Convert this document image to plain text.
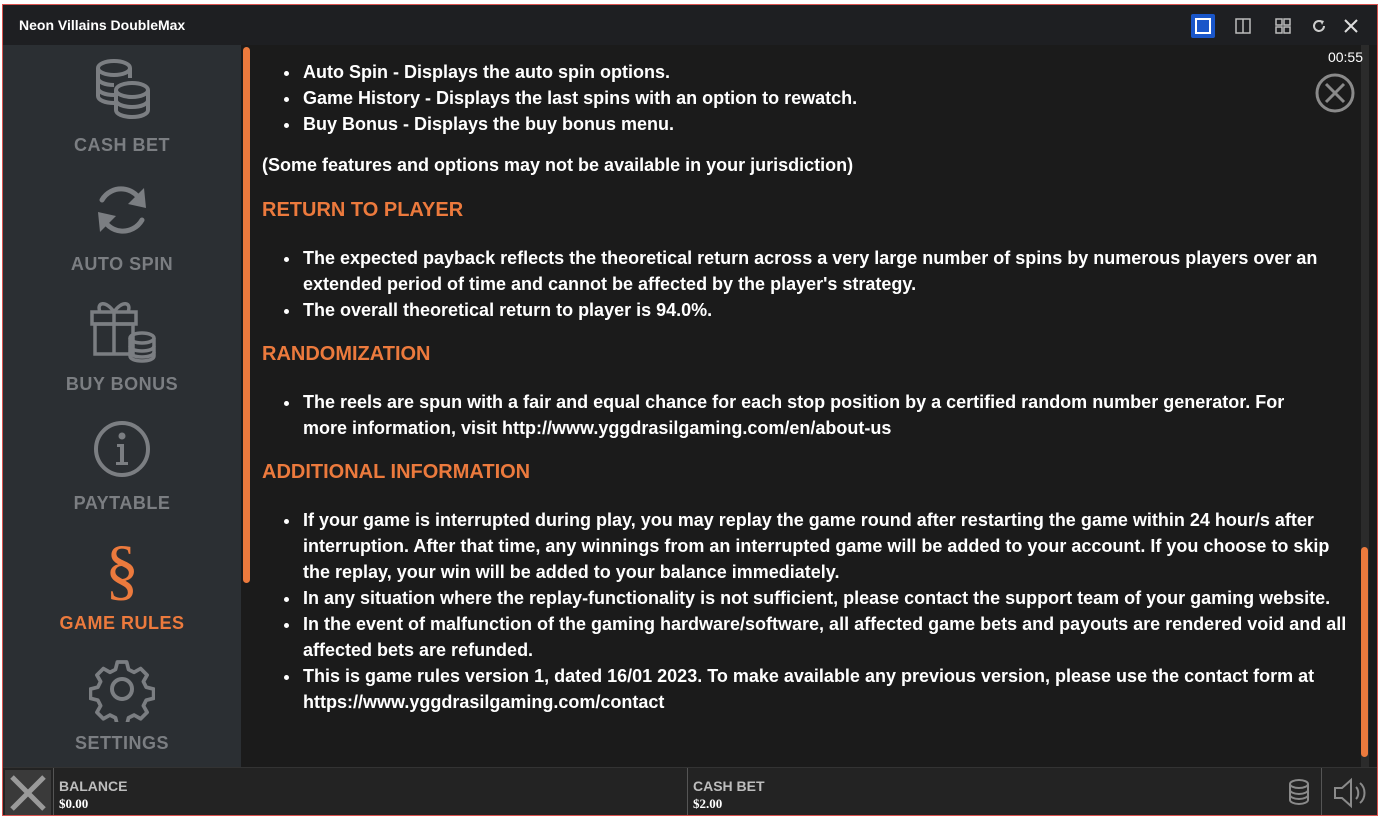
Neon Villains DoubleMax
CASH BET
AUTO SPIN
BUY BONUS
PAYTABLE
§
GAME RULES
SETTINGS
• Auto Spin - Displays the auto spin options.
• Game History - Displays the last spins with an option to rewatch.
• Buy Bonus - Displays the buy bonus menu.

(Some features and options may not be available in your jurisdiction)

RETURN TO PLAYER
• The expected payback reflects the theoretical return across a very large number of spins by numerous players over an extended period of time and cannot be affected by the player's strategy.
• The overall theoretical return to player is 94.0%.
RANDOMIZATION
• The reels are spun with a fair and equal chance for each stop position by a certified random number generator. For more information, visit http://www.yggdrasilgaming.com/en/about-us
ADDITIONAL INFORMATION
• If your game is interrupted during play, you may replay the game round after restarting the game within 24 hour/s after interruption. After that time, any winnings from an interrupted game will be added to your account. If you choose to skip the replay, your win will be added to your balance immediately.
• In any situation where the replay-functionality is not sufficient, please contact the support team of your gaming website.
• In the event of malfunction of the gaming hardware/software, all affected game bets and payouts are rendered void and all affected bets are refunded.
• This is game rules version 1, dated 16/01 2023. To make available any previous version, please use the contact form at https://www.yggdrasilgaming.com/contact
00:55
BALANCE
$0.00
CASH BET
$2.00
